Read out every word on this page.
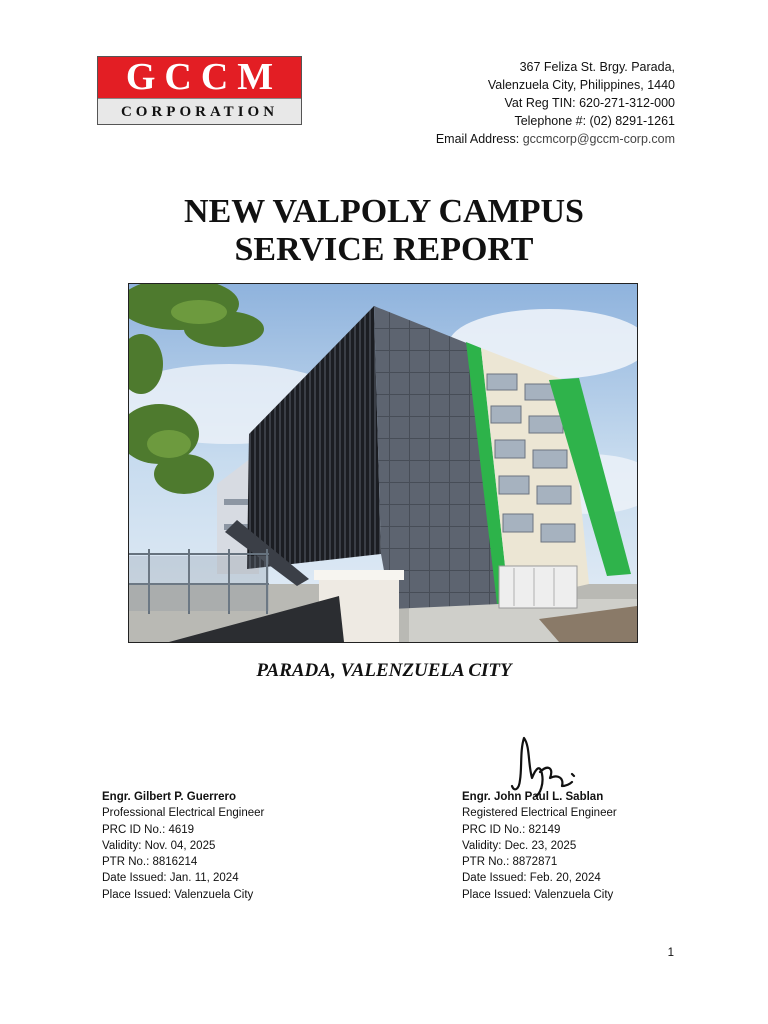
GCCM
CORPORATION
367 Feliza St. Brgy. Parada,
Valenzuela City, Philippines, 1440
Vat Reg TIN: 620-271-312-000
Telephone #: (02) 8291-1261
Email Address: gccmcorp@gccm-corp.com
NEW VALPOLY CAMPUS
SERVICE REPORT
PARADA, VALENZUELA CITY
Engr. Gilbert P. Guerrero
Professional Electrical Engineer
PRC ID No.: 4619
Validity: Nov. 04, 2025
PTR No.: 8816214
Date Issued: Jan. 11, 2024
Place Issued: Valenzuela City
Engr. John Paul L. Sablan
Registered Electrical Engineer
PRC ID No.: 82149
Validity: Dec. 23, 2025
PTR No.: 8872871
Date Issued: Feb. 20, 2024
Place Issued: Valenzuela City
1
